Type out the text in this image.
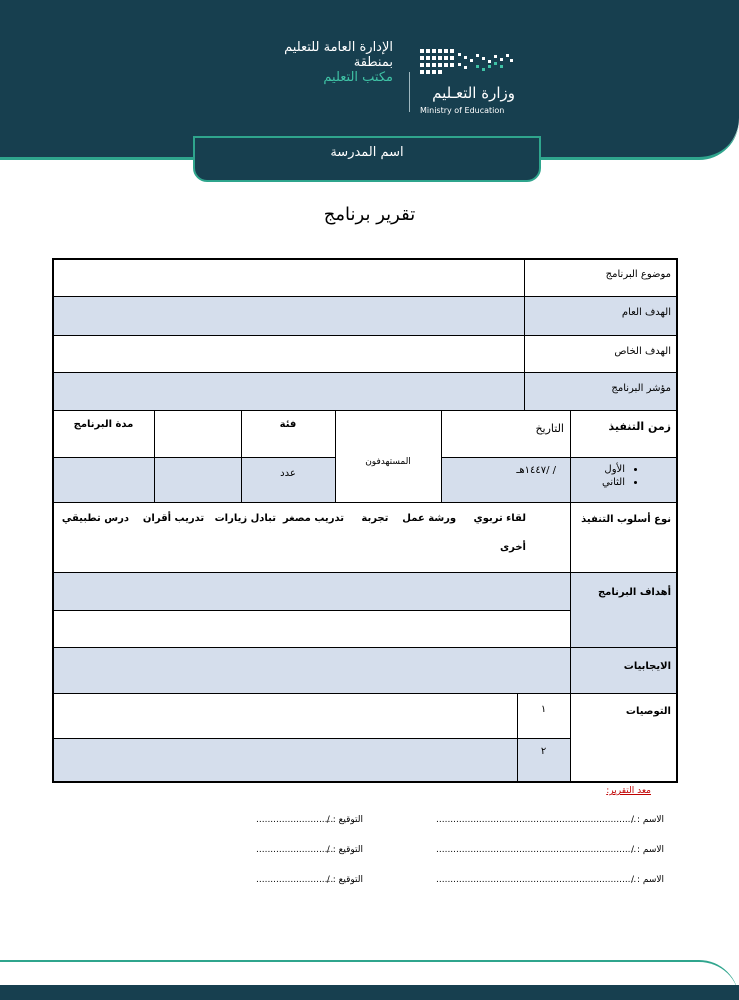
الإدارة العامة للتعليم
بمنطقة
مكتب التعليم
وزارة التعـليم
Ministry of Education
اسم المدرسة
تقرير برنامج
موضوع البرنامج
الهدف العام
الهدف الخاص
مؤشر البرنامج
زمن التنفيذ
• الأول
• الثاني
التاريخ
/ /١٤٤٧هـ
المستهدفون
فئة
عدد
مدة البرنامج
نوع أسلوب التنفيذ
لقاء تربوي     ورشة عمل    تجربة     تدريب مصغر  تبادل زيارات   تدريب أقران    درس تطبيقي
أخرى
أهداف البرنامج
الايجابيات
التوصيات
١
٢
معد التقرير:
الاسم : /
......................................................................
التوقيع : /
...........................
الاسم : /
......................................................................
التوقيع : /
...........................
الاسم : /
......................................................................
التوقيع : /
...........................
